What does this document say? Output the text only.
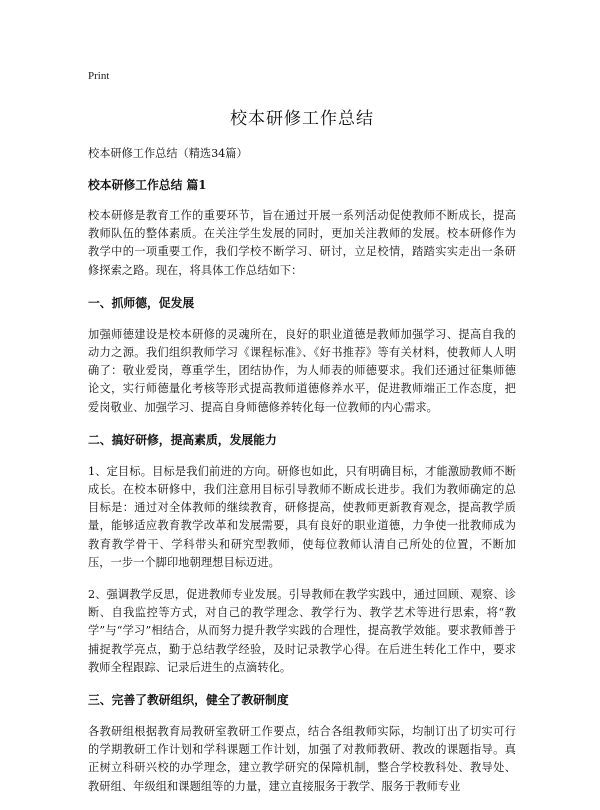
Print
校本研修工作总结

校本研修工作总结（精选34篇）

校本研修工作总结 篇1

校本研修是教育工作的重要环节，旨在通过开展一系列活动促使教师不断成长，提高教师队伍的整体素质。在关注学生发展的同时，更加关注教师的发展。校本研修作为教学中的一项重要工作，我们学校不断学习、研讨，立足校情，踏踏实实走出一条研修探索之路。现在，将具体工作总结如下：

一、抓师德，促发展

加强师德建设是校本研修的灵魂所在，良好的职业道德是教师加强学习、提高自我的动力之源。我们组织教师学习《课程标准》、《好书推荐》等有关材料，使教师人人明确了：敬业爱岗，尊重学生，团结协作，为人师表的师德要求。我们还通过征集师德论文，实行师德量化考核等形式提高教师道德修养水平，促进教师端正工作态度，把爱岗敬业、加强学习、提高自身师德修养转化每一位教师的内心需求。

二、搞好研修，提高素质，发展能力

1、定目标。目标是我们前进的方向。研修也如此，只有明确目标，才能激励教师不断成长。在校本研修中，我们注意用目标引导教师不断成长进步。我们为教师确定的总目标是：通过对全体教师的继续教育，研修提高，使教师更新教育观念，提高教学质量，能够适应教育教学改革和发展需要，具有良好的职业道德，力争使一批教师成为教育教学骨干、学科带头和研究型教师，使每位教师认清自己所处的位置，不断加压，一步一个脚印地朝理想目标迈进。

2、强调教学反思，促进教师专业发展。引导教师在教学实践中，通过回顾、观察、诊断、自我监控等方式，对自己的教学理念、教学行为、教学艺术等进行思索，将“教学”与“学习”相结合，从而努力提升教学实践的合理性，提高教学效能。要求教师善于捕捉教学亮点，勤于总结教学经验，及时记录教学心得。在后进生转化工作中，要求教师全程跟踪、记录后进生的点滴转化。

三、完善了教研组织，健全了教研制度

各教研组根据教育局教研室教研工作要点，结合各组教师实际，均制订出了切实可行的学期教研工作计划和学科课题工作计划，加强了对教师教研、教改的课题指导。真正树立科研兴校的办学理念，建立教学研究的保障机制，整合学校教科处、教导处、教研组、年级组和课题组等的力量，建立直接服务于教学、服务于教师专业
